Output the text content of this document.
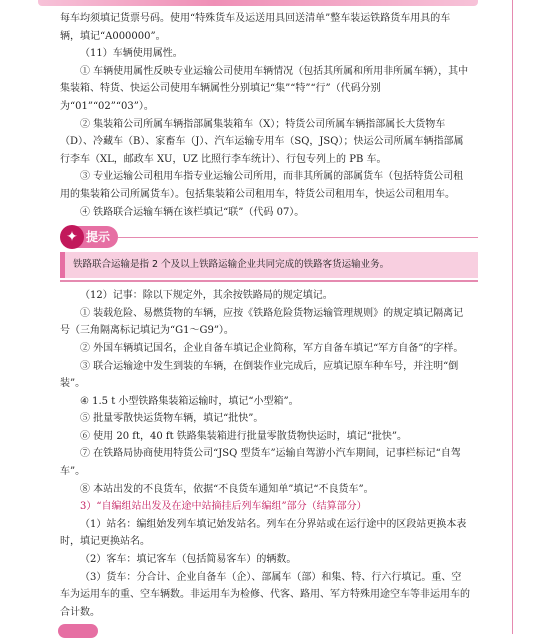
每车均须填记货票号码。使用“特殊货车及运送用具回送清单”整车装运铁路货车用具的车辆，填记“A000000”。

（11）车辆使用属性。

① 车辆使用属性反映专业运输公司使用车辆情况（包括其所属和所用非所属车辆），其中集装箱、特货、快运公司使用车辆属性分别填记“集”“特”“行”（代码分别为“01”“02”“03”）。

② 集装箱公司所属车辆指部属集装箱车（X）；特货公司所属车辆指部属长大货物车（D）、冷藏车（B）、家畜车（J）、汽车运输专用车（SQ，JSQ）；快运公司所属车辆指部属行李车（XL，邮政车 XU，UZ 比照行李车统计）、行包专列上的 PB 车。

③ 专业运输公司租用车指专业运输公司所用，而非其所属的部属货车（包括特货公司租用的集装箱公司所属货车）。包括集装箱公司租用车，特货公司租用车，快运公司租用车。

④ 铁路联合运输车辆在该栏填记“联”（代码 07）。

提示
✦
铁路联合运输是指 2 个及以上铁路运输企业共同完成的铁路客货运输业务。

（12）记事：除以下规定外，其余按铁路局的规定填记。

① 装载危险、易燃货物的车辆，应按《铁路危险货物运输管理规则》的规定填记隔离记号（三角隔离标记填记为“G1～G9”）。

② 外国车辆填记国名，企业自备车填记企业简称，军方自备车填记“军方自备”的字样。

③ 联合运输途中发生到装的车辆，在倒装作业完成后，应填记原车种车号，并注明“倒装”。

④ 1.5 t 小型铁路集装箱运输时，填记“小型箱”。

⑤ 批量零散快运货物车辆，填记“批快”。

⑥ 使用 20 ft，40 ft 铁路集装箱进行批量零散货物快运时，填记“批快”。

⑦ 在铁路局协商使用特货公司“JSQ 型货车”运输自驾游小汽车期间，记事栏标记“自驾车”。

⑧ 本站出发的不良货车，依据“不良货车通知单”填记“不良货车”。

3）“自编组站出发及在途中站摘挂后列车编组”部分（结算部分）

（1）站名：编组始发列车填记始发站名。列车在分界站或在运行途中的区段站更换本表时，填记更换站名。

（2）客车：填记客车（包括简易客车）的辆数。

（3）货车：分合计、企业自备车（企）、部属车（部）和集、特、行六行填记。重、空车为运用车的重、空车辆数。非运用车为检修、代客、路用、军方特殊用途空车等非运用车的合计数。
